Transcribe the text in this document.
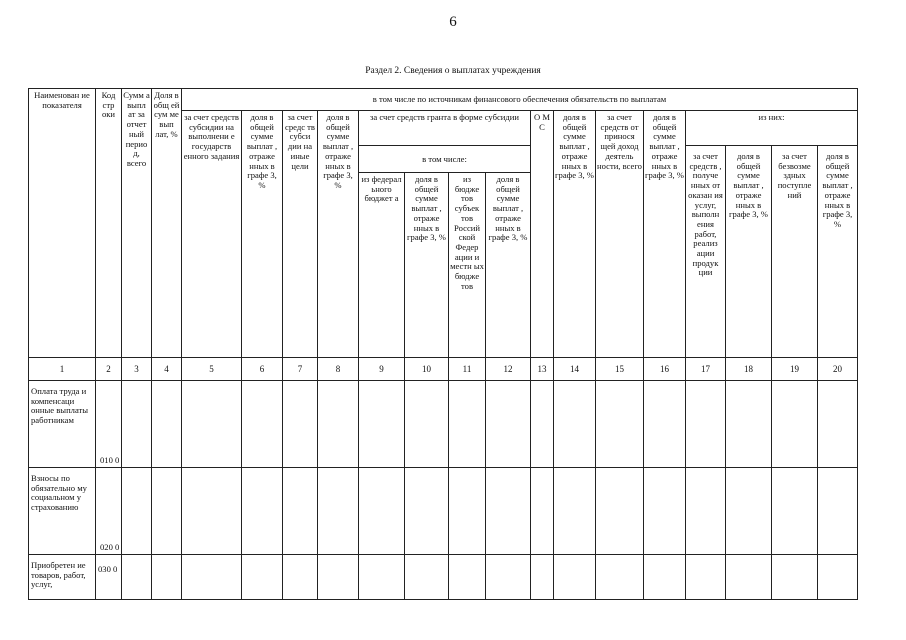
6
Раздел 2. Сведения о выплатах учреждения
Наименован ие показателя	Код стр оки	Сумм а выпл ат за отчет ный перио д, всего	Доля в общ ей сум ме вып лат, %	в том числе по источникам финансового обеспечения обязательств по выплатам															
				за счет средств субсидии на выполнени е государств енного задания	доля в общей сумме выплат , отраже нных в графе 3, %	за счет средс тв субси дии на иные цели	доля в общей сумме выплат , отраже нных в графе 3, %	за счет средств гранта в форме субсидии				О М С	доля в общей сумме выплат , отраже нных в графе 3, %	за счет средств от принося щей доход деятель ности, всего	доля в общей сумме выплат , отраже нных в графе 3, %	из них:			
								в том числе:								за счет средств , получе нных от оказан ия услуг, выполн ения работ, реализ ации продук ции	доля в общей сумме выплат , отраже нных в графе 3, %	за счет безвозме здных поступле ний	доля в общей сумме выплат , отраже нных в графе 3, %
								из федерал ьного бюджет а	доля в общей сумме выплат , отраже нных в графе 3, %	из бюдже тов субъек тов Россий ской Федер ации и местн ых бюдже тов	доля в общей сумме выплат , отраже нных в графе 3, %								
1	2	3	4	5	6	7	8	9	10	11	12	13	14	15	16	17	18	19	20
Оплата труда и компенсаци онные выплаты работникам	010 0																		
Взносы по обязательно му социальном у страхованию	020 0																		
Приобретен ие товаров, работ, услуг,	030 0																		
